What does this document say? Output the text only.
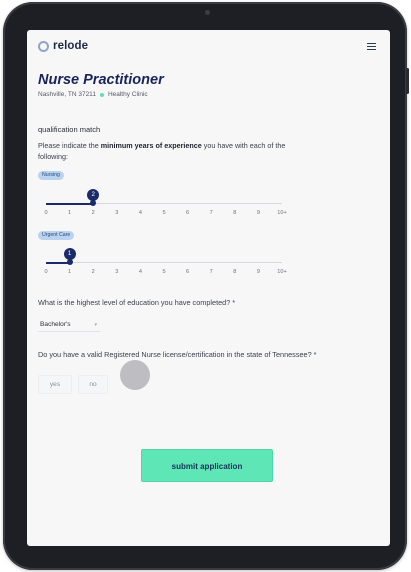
relode
Nurse Practitioner
Nashville, TN 37211 Healthy Clinic
qualification match
Please indicate the minimum years of experience you have with each of the following:
Nursing
2
0	1	2	3	4	5	6	7	8	9	10+
Urgent Care
1
0	1	2	3	4	5	6	7	8	9	10+
What is the highest level of education you have completed? *
Bachelor's	▾
Do you have a valid Registered Nurse license/certification in the state of Tennessee? *
yes	no
submit application
